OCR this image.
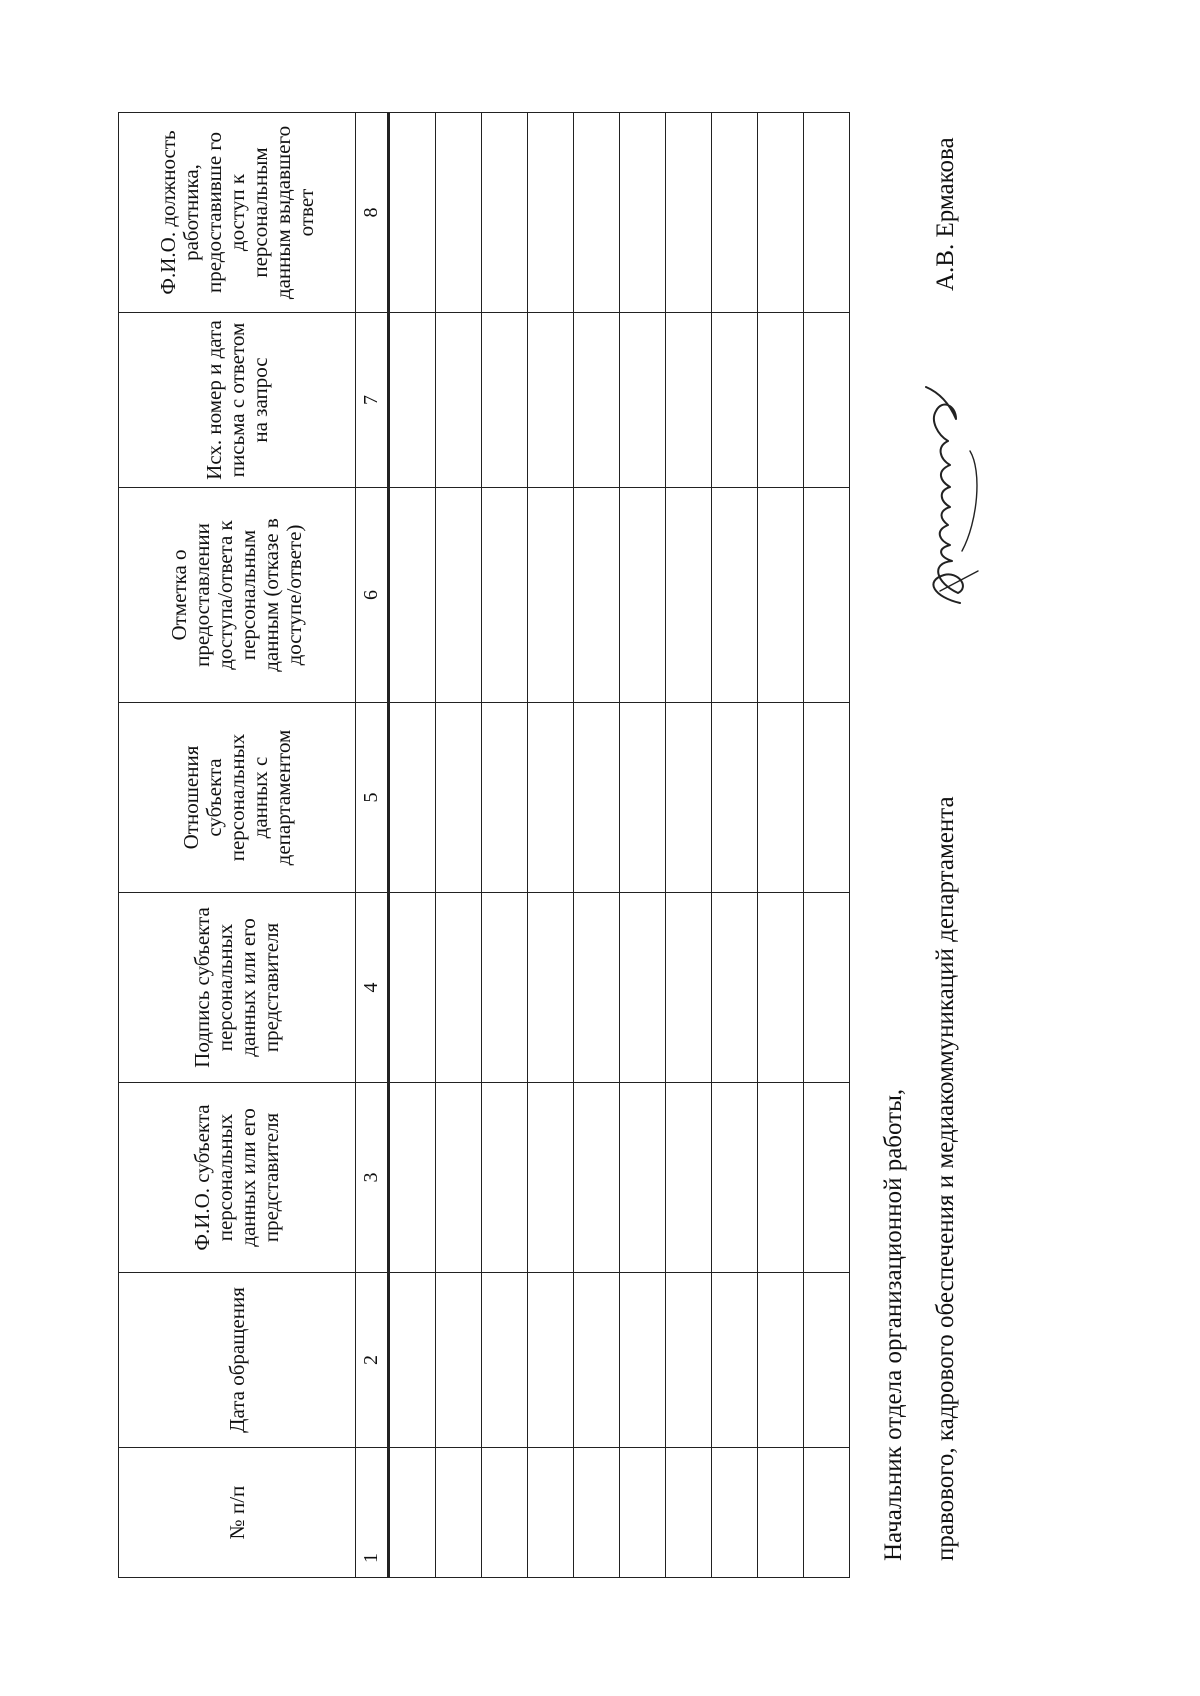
№ п/п	Дата обращения	Ф.И.О. субъекта персональных данных или его представителя	Подпись субъекта персональных данных или его представителя	Отношения субъекта персональных данных с департаментом	Отметка о предоставлении доступа/ответа к персональным данным (отказе в доступе/ответе)	Исх. номер и дата письма с ответом на запрос	Ф.И.О. должность работника, предоставивше го доступ к персональным данным выдавшего ответ
1	2	3	4	5	6	7	8

Начальник отдела организационной работы, правового, кадрового обеспечения и медиакоммуникаций департамента
А.В. Ермакова
